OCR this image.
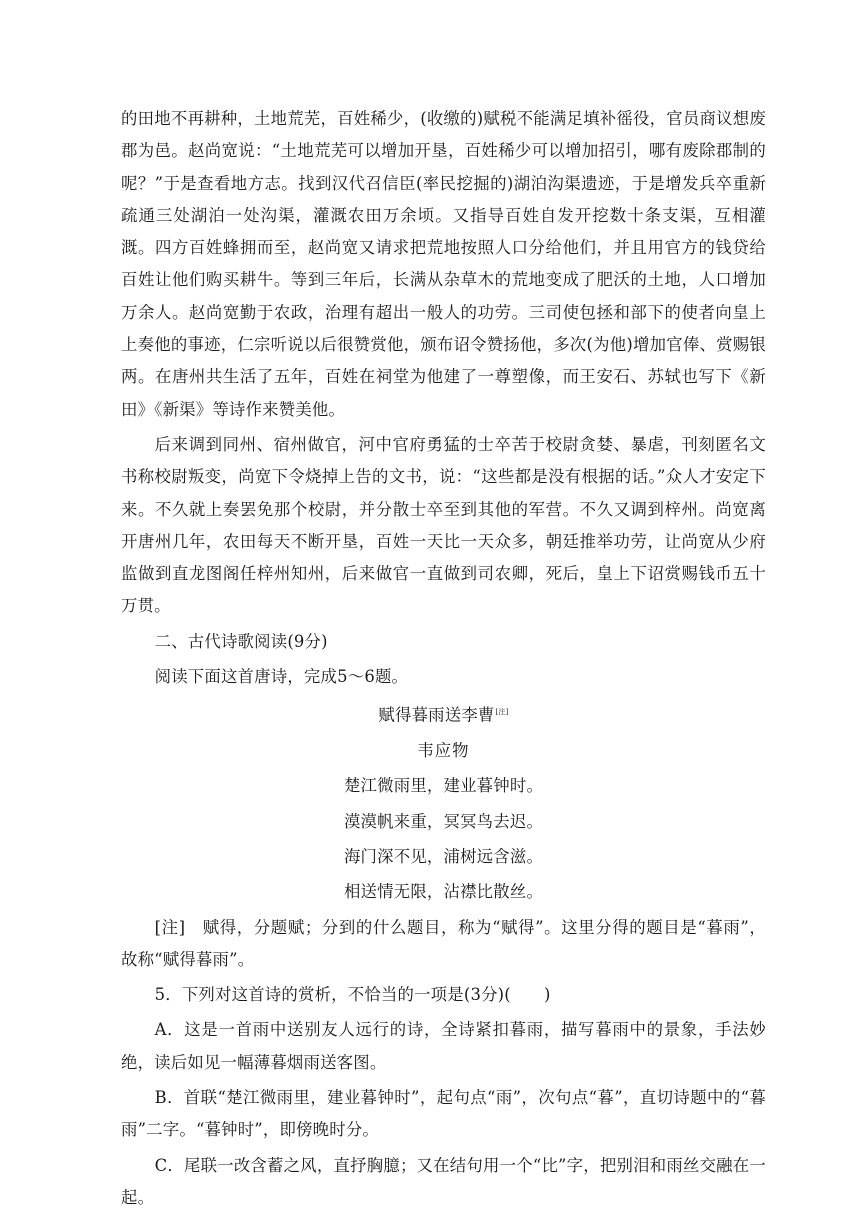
的田地不再耕种，土地荒芜，百姓稀少，(收缴的)赋税不能满足填补徭役，官员商议想废郡为邑。赵尚宽说：“土地荒芜可以增加开垦，百姓稀少可以增加招引，哪有废除郡制的呢？”于是查看地方志。找到汉代召信臣(率民挖掘的)湖泊沟渠遗迹，于是增发兵卒重新疏通三处湖泊一处沟渠，灌溉农田万余顷。又指导百姓自发开挖数十条支渠，互相灌溉。四方百姓蜂拥而至，赵尚宽又请求把荒地按照人口分给他们，并且用官方的钱贷给百姓让他们购买耕牛。等到三年后，长满从杂草木的荒地变成了肥沃的土地，人口增加万余人。赵尚宽勤于农政，治理有超出一般人的功劳。三司使包拯和部下的使者向皇上上奏他的事迹，仁宗听说以后很赞赏他，颁布诏令赞扬他，多次(为他)增加官俸、赏赐银两。在唐州共生活了五年，百姓在祠堂为他建了一尊塑像，而王安石、苏轼也写下《新田》《新渠》等诗作来赞美他。

后来调到同州、宿州做官，河中官府勇猛的士卒苦于校尉贪婪、暴虐，刊刻匿名文书称校尉叛变，尚宽下令烧掉上告的文书，说：“这些都是没有根据的话。”众人才安定下来。不久就上奏罢免那个校尉，并分散士卒至到其他的军营。不久又调到梓州。尚宽离开唐州几年，农田每天不断开垦，百姓一天比一天众多，朝廷推举功劳，让尚宽从少府监做到直龙图阁任梓州知州，后来做官一直做到司农卿，死后，皇上下诏赏赐钱币五十万贯。

二、古代诗歌阅读(9分)

阅读下面这首唐诗，完成5～6题。

赋得暮雨送李曹[注]

韦应物

楚江微雨里，建业暮钟时。

漠漠帆来重，冥冥鸟去迟。

海门深不见，浦树远含滋。

相送情无限，沾襟比散丝。

[注]　赋得，分题赋；分到的什么题目，称为“赋得”。这里分得的题目是“暮雨”，故称“赋得暮雨”。

5．下列对这首诗的赏析，不恰当的一项是(3分)(　　)

A．这是一首雨中送别友人远行的诗，全诗紧扣暮雨，描写暮雨中的景象，手法妙绝，读后如见一幅薄暮烟雨送客图。

B．首联“楚江微雨里，建业暮钟时”，起句点“雨”，次句点“暮”，直切诗题中的“暮雨”二字。“暮钟时”，即傍晚时分。

C．尾联一改含蓄之风，直抒胸臆；又在结句用一个“比”字，把别泪和雨丝交融在一起。
